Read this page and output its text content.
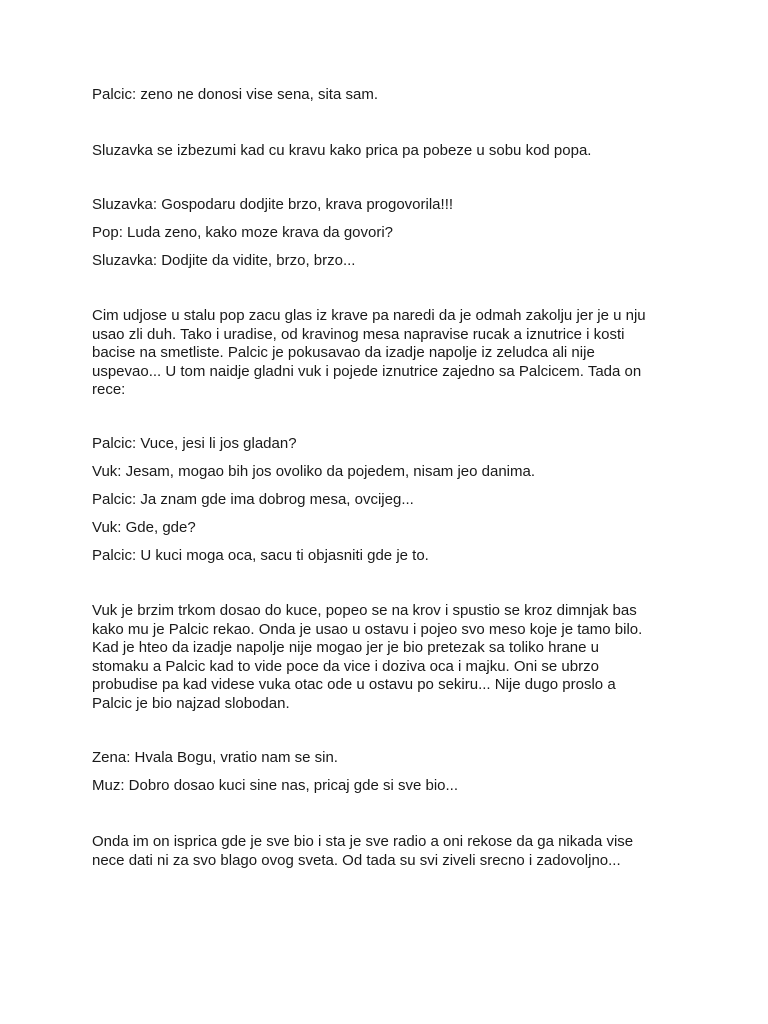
Palcic: zeno ne donosi vise sena, sita sam.

Sluzavka se izbezumi kad cu kravu kako prica pa pobeze u sobu kod popa.

Sluzavka: Gospodaru dodjite brzo, krava progovorila!!!

Pop: Luda zeno, kako moze krava da govori?

Sluzavka: Dodjite da vidite, brzo, brzo...

Cim udjose u stalu pop zacu glas iz krave pa naredi da je odmah zakolju jer je u nju
usao zli duh. Tako i uradise, od kravinog mesa napravise rucak a iznutrice i kosti
bacise na smetliste. Palcic je pokusavao da izadje napolje iz zeludca ali nije
uspevao... U tom naidje gladni vuk i pojede iznutrice zajedno sa Palcicem. Tada on
rece:

Palcic: Vuce, jesi li jos gladan?

Vuk: Jesam, mogao bih jos ovoliko da pojedem, nisam jeo danima.

Palcic: Ja znam gde ima dobrog mesa, ovcijeg...

Vuk: Gde, gde?

Palcic: U kuci moga oca, sacu ti objasniti gde je to.

Vuk je brzim trkom dosao do kuce, popeo se na krov i spustio se kroz dimnjak bas
kako mu je Palcic rekao. Onda je usao u ostavu i pojeo svo meso koje je tamo bilo.
Kad je hteo da izadje napolje nije mogao jer je bio pretezak sa toliko hrane u
stomaku a Palcic kad to vide poce da vice i doziva oca i majku. Oni se ubrzo
probudise pa kad videse vuka otac ode u ostavu po sekiru... Nije dugo proslo a
Palcic je bio najzad slobodan.

Zena: Hvala Bogu, vratio nam se sin.

Muz: Dobro dosao kuci sine nas, pricaj gde si sve bio...

Onda im on isprica gde je sve bio i sta je sve radio a oni rekose da ga nikada vise
nece dati ni za svo blago ovog sveta. Od tada su svi ziveli srecno i zadovoljno...
